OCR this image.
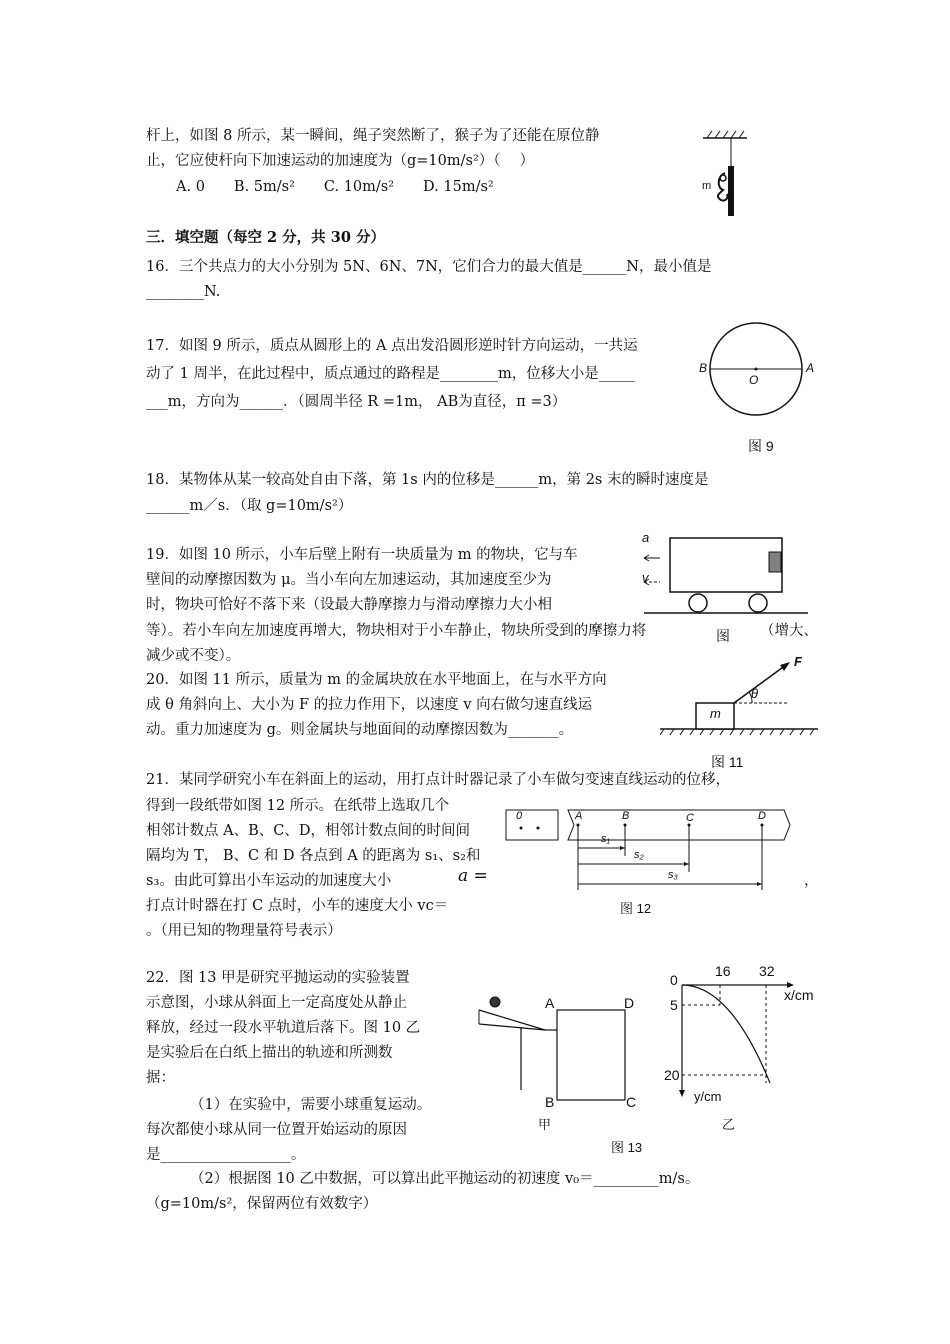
杆上，如图 8 所示，某一瞬间，绳子突然断了，猴子为了还能在原位静
止，它应使杆向下加速运动的加速度为（g=10m/s²）（　 ）
A. 0　　B. 5m/s²　　C. 10m/s²　　D. 15m/s²	m
三．填空题（每空 2 分，共 30 分）
16．三个共点力的大小分别为 5N、6N、7N，它们合力的最大值是______N，最小值是
________N.
17．如图 9 所示，质点从圆形上的 A 点出发沿圆形逆时针方向运动，一共运
动了 1 周半，在此过程中，质点通过的路程是________m，位移大小是_____
___m，方向为______．（圆周半径 R =1m， AB为直径，π =3）
B
O
A
图 9
18．某物体从某一较高处自由下落，第 1s 内的位移是______m，第 2s 末的瞬时速度是
______m／s．（取 g=10m/s²）
19．如图 10 所示，小车后壁上附有一块质量为 m 的物块，它与车
壁间的动摩擦因数为 μ。当小车向左加速运动，其加速度至少为
时，物块可恰好不落下来（设最大静摩擦力与滑动摩擦力大小相
等）。若小车向左加速度再增大，物块相对于小车静止，物块所受到的摩擦力将	（增大、
减少或不变）。
a
v
图
20．如图 11 所示，质量为 m 的金属块放在水平地面上，在与水平方向
成 θ 角斜向上、大小为 F 的拉力作用下，以速度 v 向右做匀速直线运
动。重力加速度为 g。则金属块与地面间的动摩擦因数为_______。
F
θ
m
图 11
21．某同学研究小车在斜面上的运动，用打点计时器记录了小车做匀变速直线运动的位移，
得到一段纸带如图 12 所示。在纸带上选取几个
相邻计数点 A、B、C、D，相邻计数点间的时间间
隔均为 T， B、C 和 D 各点到 A 的距离为 s₁、s₂和
s₃。由此可算出小车运动的加速度大小	a =	，
打点计时器在打 C 点时，小车的速度大小 vc＝
。（用已知的物理量符号表示）
0	A	B	C	D
s₁
s₂
s₃
图 12
22．图 13 甲是研究平抛运动的实验装置
示意图，小球从斜面上一定高度处从静止
释放，经过一段水平轨道后落下。图 10 乙
是实验后在白纸上描出的轨迹和所测数
据：
（1）在实验中，需要小球重复运动。
每次都使小球从同一位置开始运动的原因
是__________________。
（2）根据图 10 乙中数据，可以算出此平抛运动的初速度 v₀＝_________m/s。
（g=10m/s²，保留两位有效数字）
A	D
B	C
甲
0
16 32
x/cm
5
20
y/cm
乙
图 13
